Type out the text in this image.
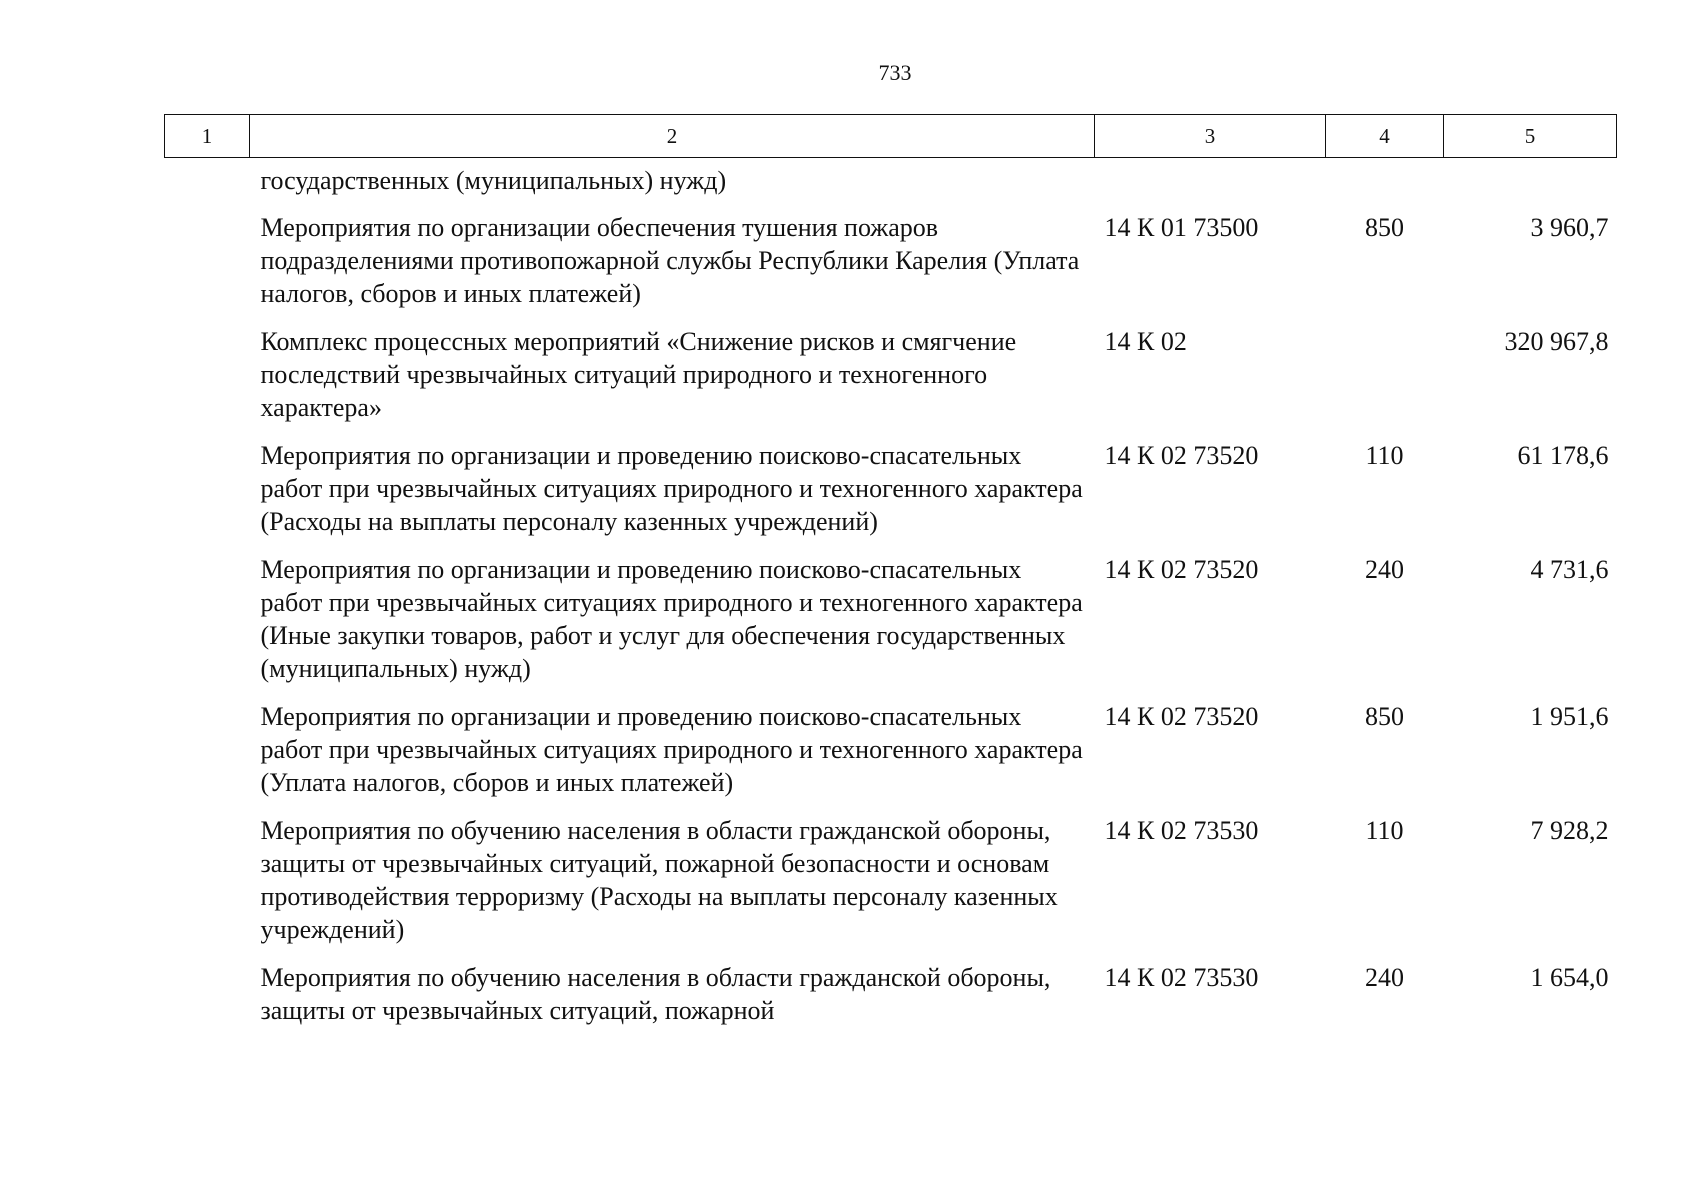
733
1	2	3	4	5
государственных (муниципальных) нужд)				
Мероприятия по организации обеспечения тушения пожаров подразделениями противопожарной службы Республики Карелия (Уплата налогов, сборов и иных платежей)		14 К 01 73500	850	3 960,7
Комплекс процессных мероприятий «Снижение рисков и смягчение последствий чрезвычайных ситуаций природного и техногенного характера»		14 К 02		320 967,8
Мероприятия по организации и проведению поисково-спасательных работ при чрезвычайных ситуациях природного и техногенного характера (Расходы на выплаты персоналу казенных учреждений)		14 К 02 73520	110	61 178,6
Мероприятия по организации и проведению поисково-спасательных работ при чрезвычайных ситуациях природного и техногенного характера (Иные закупки товаров, работ и услуг для обеспечения государственных (муниципальных) нужд)		14 К 02 73520	240	4 731,6
Мероприятия по организации и проведению поисково-спасательных работ при чрезвычайных ситуациях природного и техногенного характера (Уплата налогов, сборов и иных платежей)		14 К 02 73520	850	1 951,6
Мероприятия по обучению населения в области гражданской обороны, защиты от чрезвычайных ситуаций, пожарной безопасности и основам противодействия терроризму (Расходы на выплаты персоналу казенных учреждений)		14 К 02 73530	110	7 928,2
Мероприятия по обучению населения в области гражданской обороны, защиты от чрезвычайных ситуаций, пожарной		14 К 02 73530	240	1 654,0
